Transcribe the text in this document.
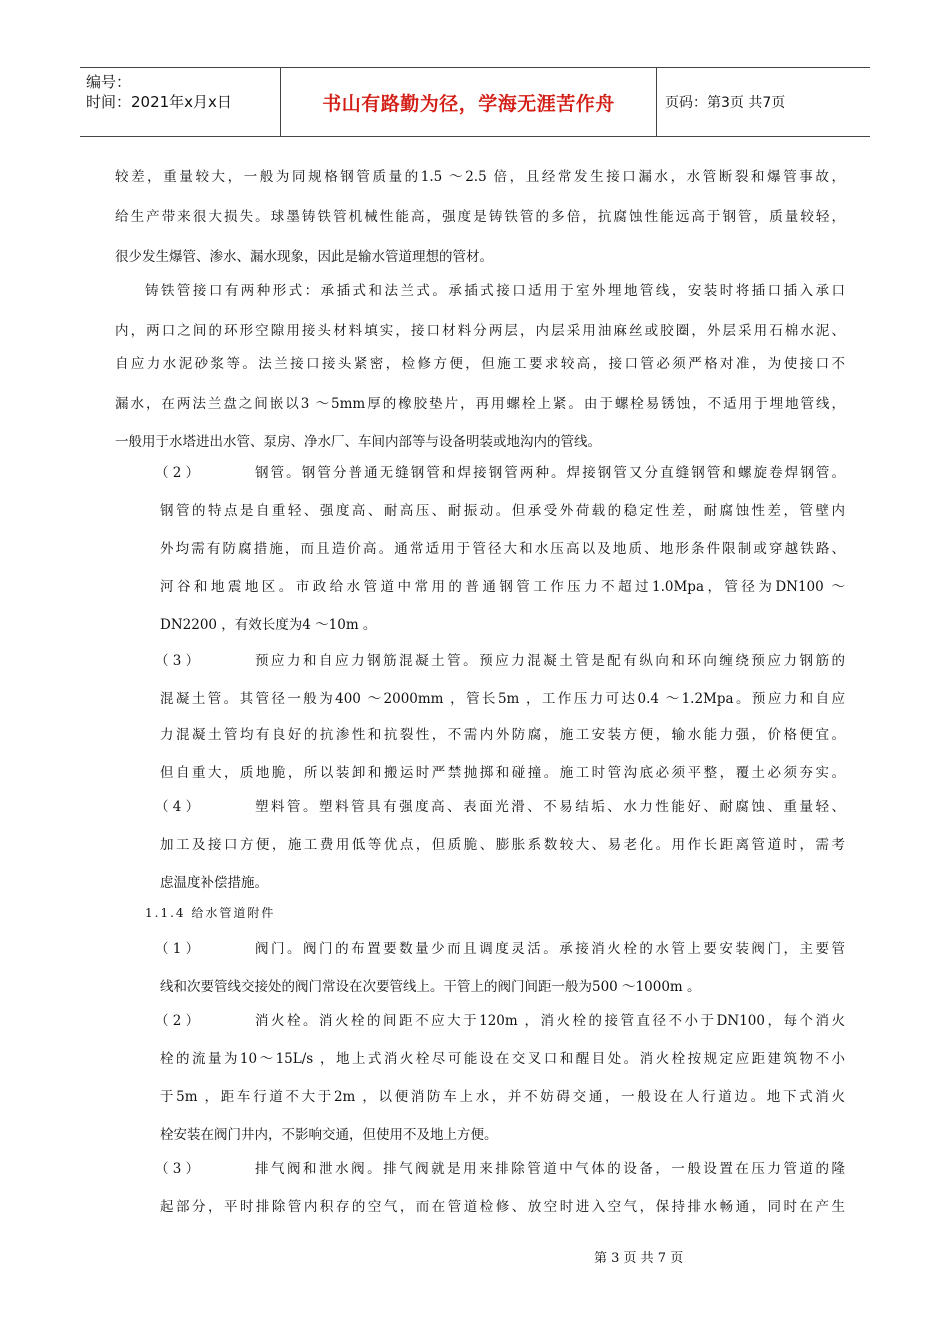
编号：
时间：2021年x月x日	书山有路勤为径，学海无涯苦作舟	页码：第3页 共7页
较差，重量较大，一般为同规格钢管质量的1.5 ～2.5 倍，且经常发生接口漏水，水管断裂和爆管事故，
给生产带来很大损失。球墨铸铁管机械性能高，强度是铸铁管的多倍，抗腐蚀性能远高于钢管，质量较轻，
很少发生爆管、渗水、漏水现象，因此是输水管道理想的管材。
铸铁管接口有两种形式：承插式和法兰式。承插式接口适用于室外埋地管线，安装时将插口插入承口
内，两口之间的环形空隙用接头材料填实，接口材料分两层，内层采用油麻丝或胶圈，外层采用石棉水泥、
自应力水泥砂浆等。法兰接口接头紧密，检修方便，但施工要求较高，接口管必须严格对准，为使接口不
漏水，在两法兰盘之间嵌以3 ～5mm厚的橡胶垫片，再用螺栓上紧。由于螺栓易锈蚀，不适用于埋地管线，
一般用于水塔进出水管、泵房、净水厂、车间内部等与设备明装或地沟内的管线。
（ 2 ）	钢管。钢管分普通无缝钢管和焊接钢管两种。焊接钢管又分直缝钢管和螺旋卷焊钢管。
钢管的特点是自重轻、强度高、耐高压、耐振动。但承受外荷载的稳定性差，耐腐蚀性差，管壁内
外均需有防腐措施，而且造价高。通常适用于管径大和水压高以及地质、地形条件限制或穿越铁路、
河谷和地震地区。市政给水管道中常用的普通钢管工作压力不超过1.0Mpa，管径为DN100 ～
DN2200 ，有效长度为4 ～10m 。
（ 3 ）	预应力和自应力钢筋混凝土管。预应力混凝土管是配有纵向和环向缠绕预应力钢筋的
混凝土管。其管径一般为400 ～2000mm ，管长5m ，工作压力可达0.4 ～1.2Mpa。预应力和自应
力混凝土管均有良好的抗渗性和抗裂性，不需内外防腐，施工安装方便，输水能力强，价格便宜。
但自重大，质地脆，所以装卸和搬运时严禁抛掷和碰撞。施工时管沟底必须平整，覆土必须夯实。
（ 4 ）	塑料管。塑料管具有强度高、表面光滑、不易结垢、水力性能好、耐腐蚀、重量轻、
加工及接口方便，施工费用低等优点，但质脆、膨胀系数较大、易老化。用作长距离管道时，需考
虑温度补偿措施。
1.1.4 给水管道附件
（ 1 ）	阀门。阀门的布置要数量少而且调度灵活。承接消火栓的水管上要安装阀门，主要管
线和次要管线交接处的阀门常设在次要管线上。干管上的阀门间距一般为500 ～1000m 。
（ 2 ）	消火栓。消火栓的间距不应大于120m ，消火栓的接管直径不小于DN100，每个消火
栓的流量为10～15L/s ，地上式消火栓尽可能设在交叉口和醒目处。消火栓按规定应距建筑物不小
于5m ，距车行道不大于2m ，以便消防车上水，并不妨碍交通，一般设在人行道边。地下式消火
栓安装在阀门井内，不影响交通，但使用不及地上方便。
（ 3 ）	排气阀和泄水阀。排气阀就是用来排除管道中气体的设备，一般设置在压力管道的隆
起部分，平时排除管内积存的空气，而在管道检修、放空时进入空气，保持排水畅通，同时在产生
第 3 页 共 7 页
